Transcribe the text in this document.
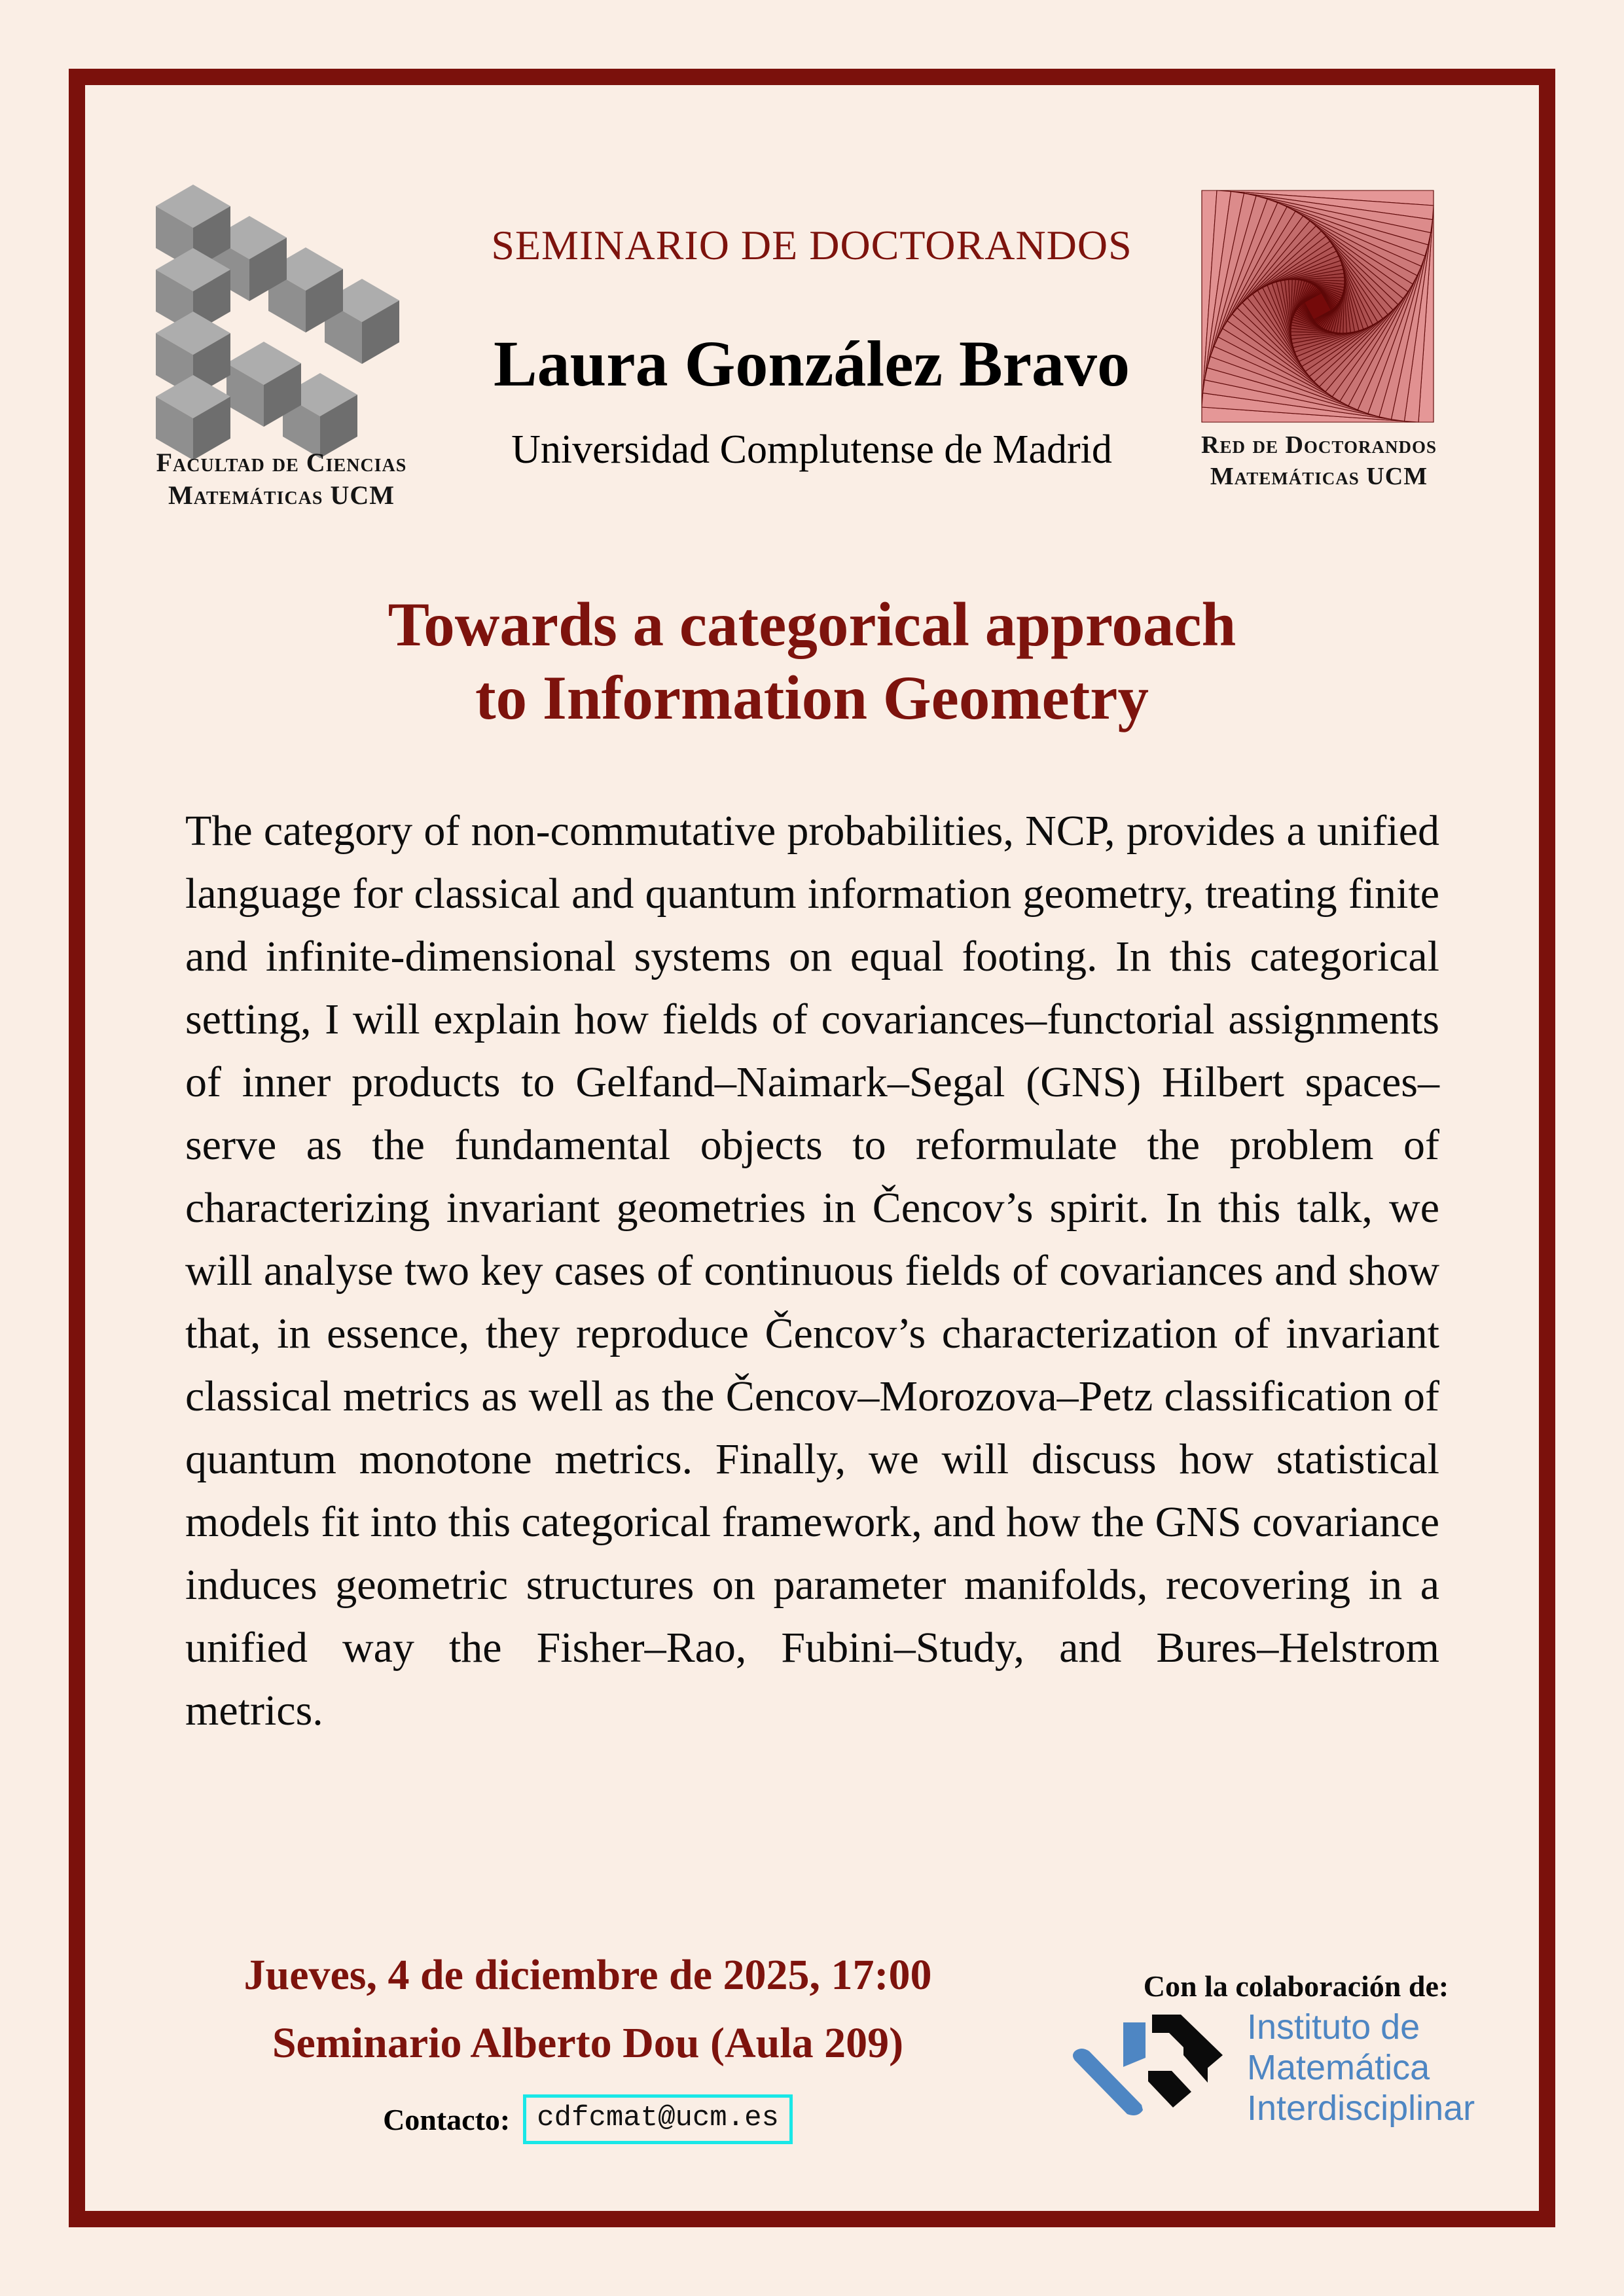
Facultad de Ciencias
Matemáticas UCM
SEMINARIO DE DOCTORANDOS
Laura González Bravo
Universidad Complutense de Madrid	Red de Doctorandos
Matemáticas UCM
Towards a categorical approach
to Information Geometry

The category of non-commutative probabilities, NCP, provides a unified language for classical and quantum information geometry, treating finite and infinite-dimensional systems on equal footing. In this categorical setting, I will explain how fields of covariances–functorial assignments of inner products to Gelfand–Naimark–Segal (GNS) Hilbert spaces–serve as the fundamental objects to reformulate the problem of characterizing invariant geometries in Čencov’s spirit. In this talk, we will analyse two key cases of continuous fields of covariances and show that, in essence, they reproduce Čencov’s characterization of invariant classical metrics as well as the Čencov–Morozova–Petz classification of quantum monotone metrics. Finally, we will discuss how statistical models fit into this categorical framework, and how the GNS covariance induces geometric structures on parameter manifolds, recovering in a unified way the Fisher–Rao, Fubini–Study, and Bures–Helstrom metrics.

Jueves, 4 de diciembre de 2025, 17:00
Seminario Alberto Dou (Aula 209)
Contacto: cdfcmat@ucm.es
Con la colaboración de:
Instituto de
Matemática
Interdisciplinar
